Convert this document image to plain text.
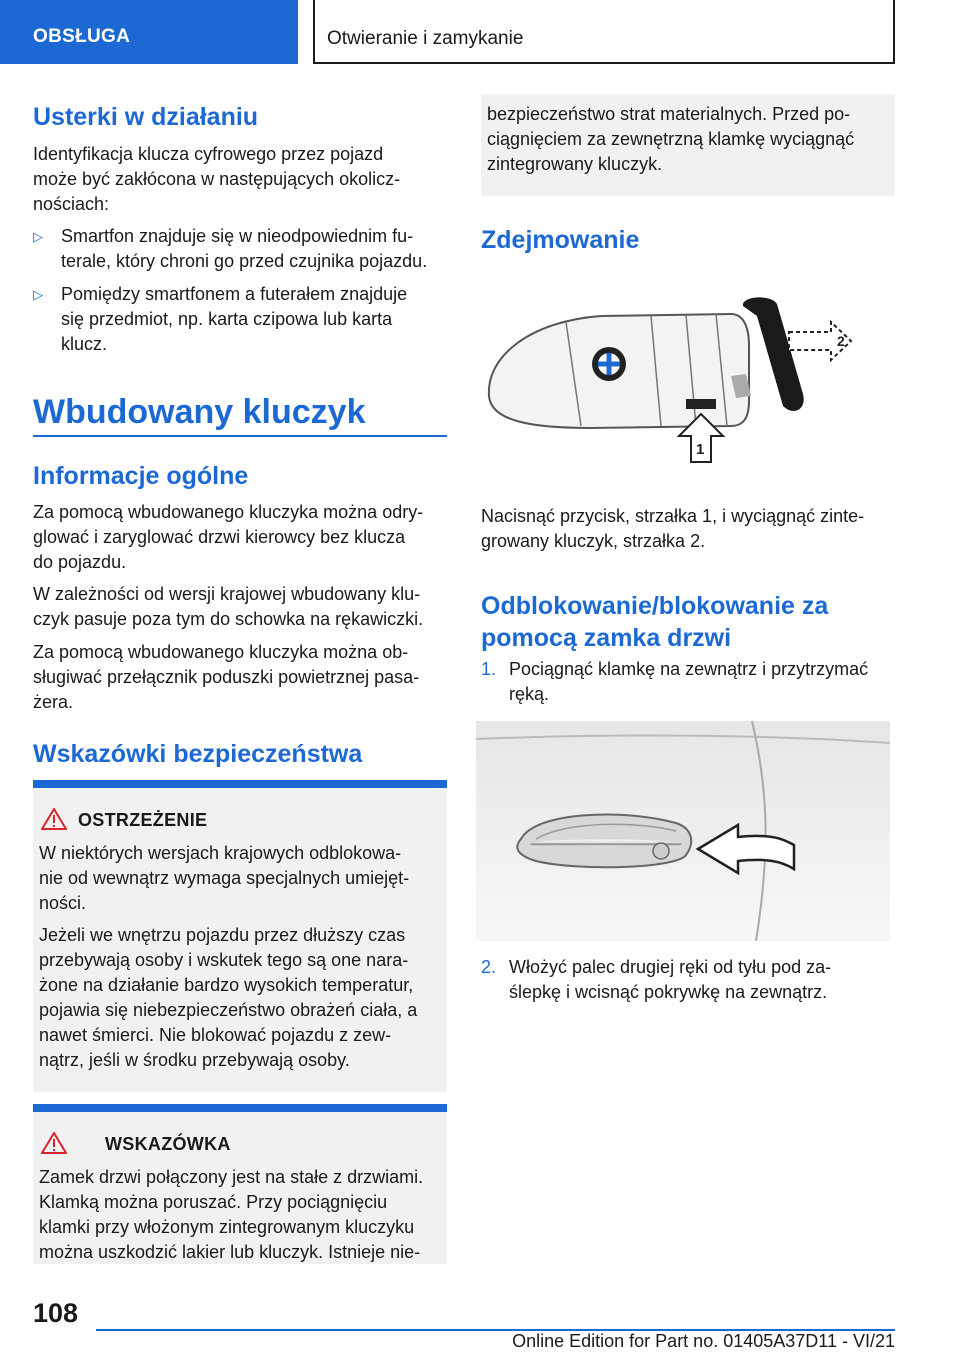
OBSŁUGA	Otwieranie i zamykanie
Usterki w działaniu

Identyfikacja klucza cyfrowego przez pojazd
może być zakłócona w następujących okolicz-
nościach:

▷ Smartfon znajduje się w nieodpowiednim fu-
terale, który chroni go przed czujnika pojazdu.
▷ Pomiędzy smartfonem a futerałem znajduje
się przedmiot, np. karta czipowa lub karta
klucz.
Wbudowany kluczyk
Informacje ogólne

Za pomocą wbudowanego kluczyka można odry-
glować i zaryglować drzwi kierowcy bez klucza
do pojazdu.

W zależności od wersji krajowej wbudowany klu-
czyk pasuje poza tym do schowka na rękawiczki.

Za pomocą wbudowanego kluczyka można ob-
sługiwać przełącznik poduszki powietrznej pasa-
żera.

Wskazówki bezpieczeństwa
OSTRZEŻENIE

W niektórych wersjach krajowych odblokowa-
nie od wewnątrz wymaga specjalnych umiejęt-
ności.

Jeżeli we wnętrzu pojazdu przez dłuższy czas
przebywają osoby i wskutek tego są one nara-
żone na działanie bardzo wysokich temperatur,
pojawia się niebezpieczeństwo obrażeń ciała, a
nawet śmierci. Nie blokować pojazdu z zew-
nątrz, jeśli w środku przebywają osoby.

WSKAZÓWKA

Zamek drzwi połączony jest na stałe z drzwiami.
Klamką można poruszać. Przy pociągnięciu
klamki przy włożonym zintegrowanym kluczyku
można uszkodzić lakier lub kluczyk. Istnieje nie-

bezpieczeństwo strat materialnych. Przed po-
ciągnięciem za zewnętrzną klamkę wyciągnąć
zintegrowany kluczyk.

Zdejmowanie
2
1

Nacisnąć przycisk, strzałka 1, i wyciągnąć zinte-
growany kluczyk, strzałka 2.

Odblokowanie/blokowanie za
pomocą zamka drzwi
1. Pociągnąć klamkę na zewnątrz i przytrzymać
ręką.
2. Włożyć palec drugiej ręki od tyłu pod za-
ślepkę i wcisnąć pokrywkę na zewnątrz.
108
Online Edition for Part no. 01405A37D11 - VI/21
